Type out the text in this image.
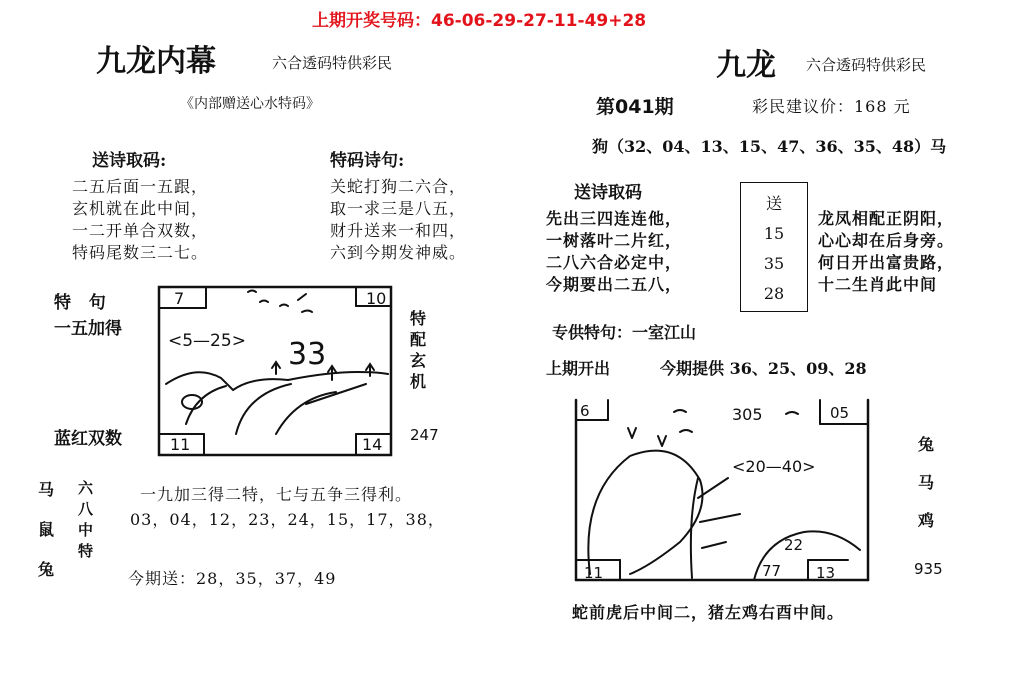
上期开奖号码：46-06-29-27-11-49+28
九龙内幕	六合透码特供彩民
《内部赠送心水特码》
送诗取码:
二五后面一五跟，
玄机就在此中间，
一二开单合双数，
特码尾数三二七。
特码诗句:
关蛇打狗二六合，
取一求三是八五，
财升送来一和四，
六到今期发神威。
特   句
一五加得
蓝红双数
7	10
11	14
<5—25> 33
特
配
玄
机
247
马
鼠
兔
六
八
中
特
一九加三得二特，七与五争三得利。
03，04，12，23，24，15，17，38，
今期送：28，35，37，49
九龙 六合透码特供彩民
第041期	彩民建议价：168 元
狗（32、04、13、15、47、36、35、48）马
送诗取码
先出三四连连他，
一树落叶二片红，
二八六合必定中，
今期要出二五八，
送
15
35
28
龙凤相配正阴阳，
心心却在后身旁。
何日开出富贵路，
十二生肖此中间
专供特句：一室江山
上期开出	今期提供 36、25、09、28
6	05
11	13
305
<20—40>
22
77
兔
马
鸡
935
蛇前虎后中间二，猪左鸡右酉中间。
